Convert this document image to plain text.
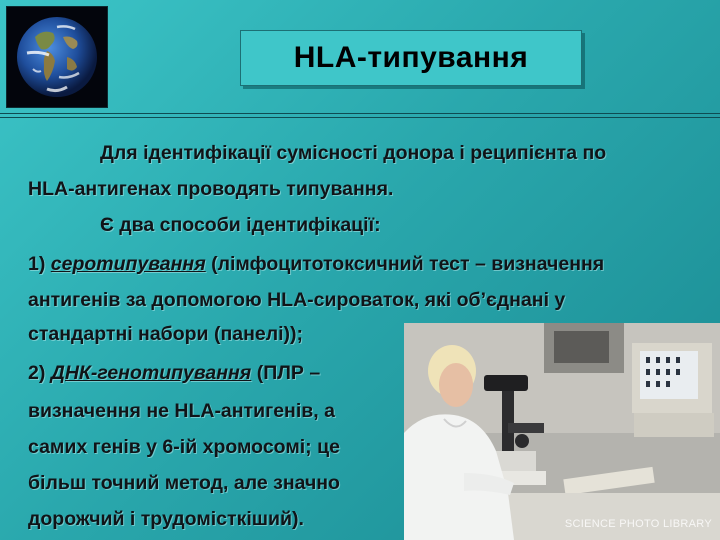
HLA-типування
Для ідентифікації сумісності донора і реципієнта по
HLA-антигенах проводять типування.
Є два способи ідентифікації:
1) серотипування (лімфоцитотоксичний тест – визначення
антигенів за допомогою HLA-сироваток, які об’єднані у
стандартні набори (панелі));
2) ДНК-генотипування (ПЛР –
визначення не HLA-антигенів, а
самих генів у 6-ій хромосомі; це
більш точний метод, але значно
дорожчий і трудомісткіший).	SCIENCE PHOTO LIBRARY
